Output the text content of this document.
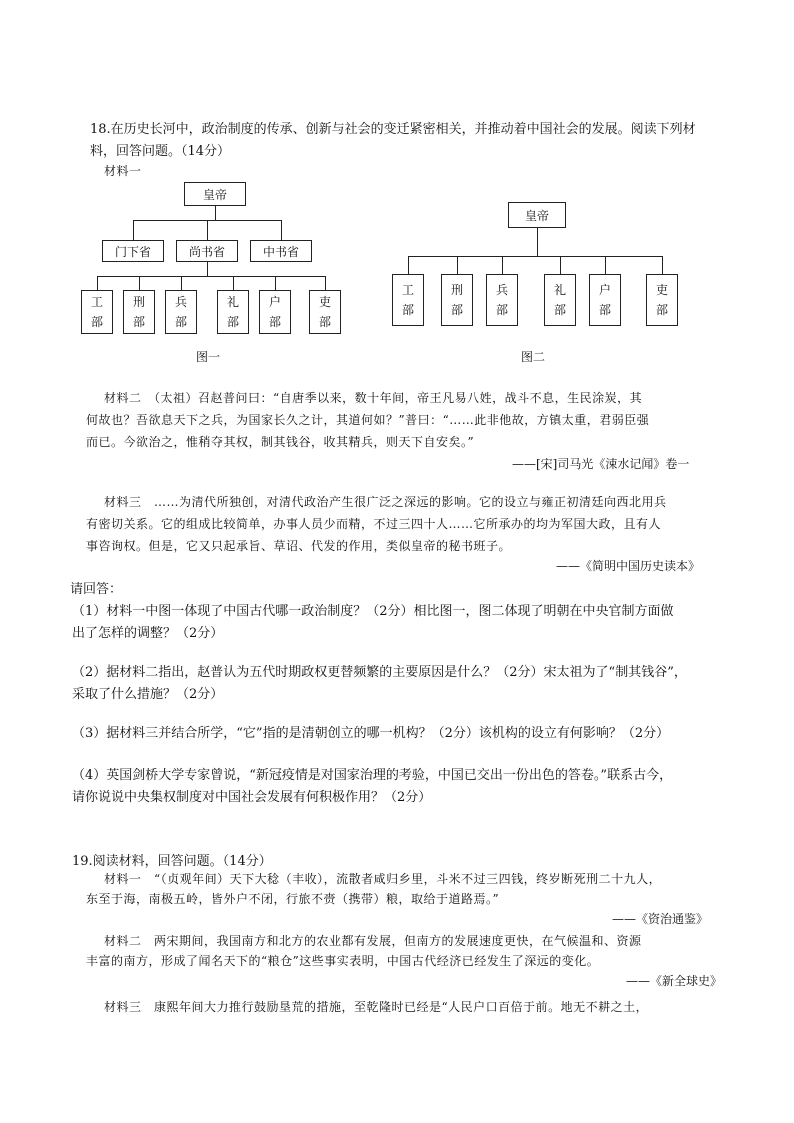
18.在历史长河中，政治制度的传承、创新与社会的变迁紧密相关，并推动着中国社会的发展。阅读下列材
料，回答问题。（14分）
材料一
皇帝
门下省	尚书省	中书省
工
部
刑
部
兵
部
礼
部
户
部
吏
部
图一
皇帝
工
部
刑
部
兵
部
礼
部
户
部
吏
部
图二
材料二　（太祖）召赵普问曰：“自唐季以来，数十年间，帝王凡易八姓，战斗不息，生民涂炭，其
何故也？吾欲息天下之兵，为国家长久之计，其道何如？”普曰：“……此非他故，方镇太重，君弱臣强
而已。今欲治之，惟稍夺其权，制其钱谷，收其精兵，则天下自安矣。”
——[宋]司马光《涑水记闻》卷一
材料三　……为清代所独创，对清代政治产生很广泛之深远的影响。它的设立与雍正初清廷向西北用兵
有密切关系。它的组成比较简单，办事人员少而精，不过三四十人……它所承办的均为军国大政，且有人
事咨询权。但是，它又只起承旨、草诏、代发的作用，类似皇帝的秘书班子。
——《简明中国历史读本》
请回答：
（1）材料一中图一体现了中国古代哪一政治制度？（2分）相比图一，图二体现了明朝在中央官制方面做
出了怎样的调整？（2分）
（2）据材料二指出，赵普认为五代时期政权更替频繁的主要原因是什么？（2分）宋太祖为了“制其钱谷”，
采取了什么措施？（2分）
（3）据材料三并结合所学，“它”指的是清朝创立的哪一机构？（2分）该机构的设立有何影响？（2分）
（4）英国剑桥大学专家曾说，“新冠疫情是对国家治理的考验，中国已交出一份出色的答卷。”联系古今，
请你说说中央集权制度对中国社会发展有何积极作用？（2分）
19.阅读材料，回答问题。（14分）
材料一　“（贞观年间）天下大稔（丰收），流散者咸归乡里，斗米不过三四钱，终岁断死刑二十九人，
东至于海，南极五岭，皆外户不闭，行旅不赍（携带）粮，取给于道路焉。”
——《资治通鉴》
材料二　两宋期间，我国南方和北方的农业都有发展，但南方的发展速度更快，在气候温和、资源
丰富的南方，形成了闻名天下的“粮仓”这些事实表明，中国古代经济已经发生了深远的变化。
——《新全球史》
材料三　康熙年间大力推行鼓励垦荒的措施，至乾隆时已经是“人民户口百倍于前。地无不耕之土，
